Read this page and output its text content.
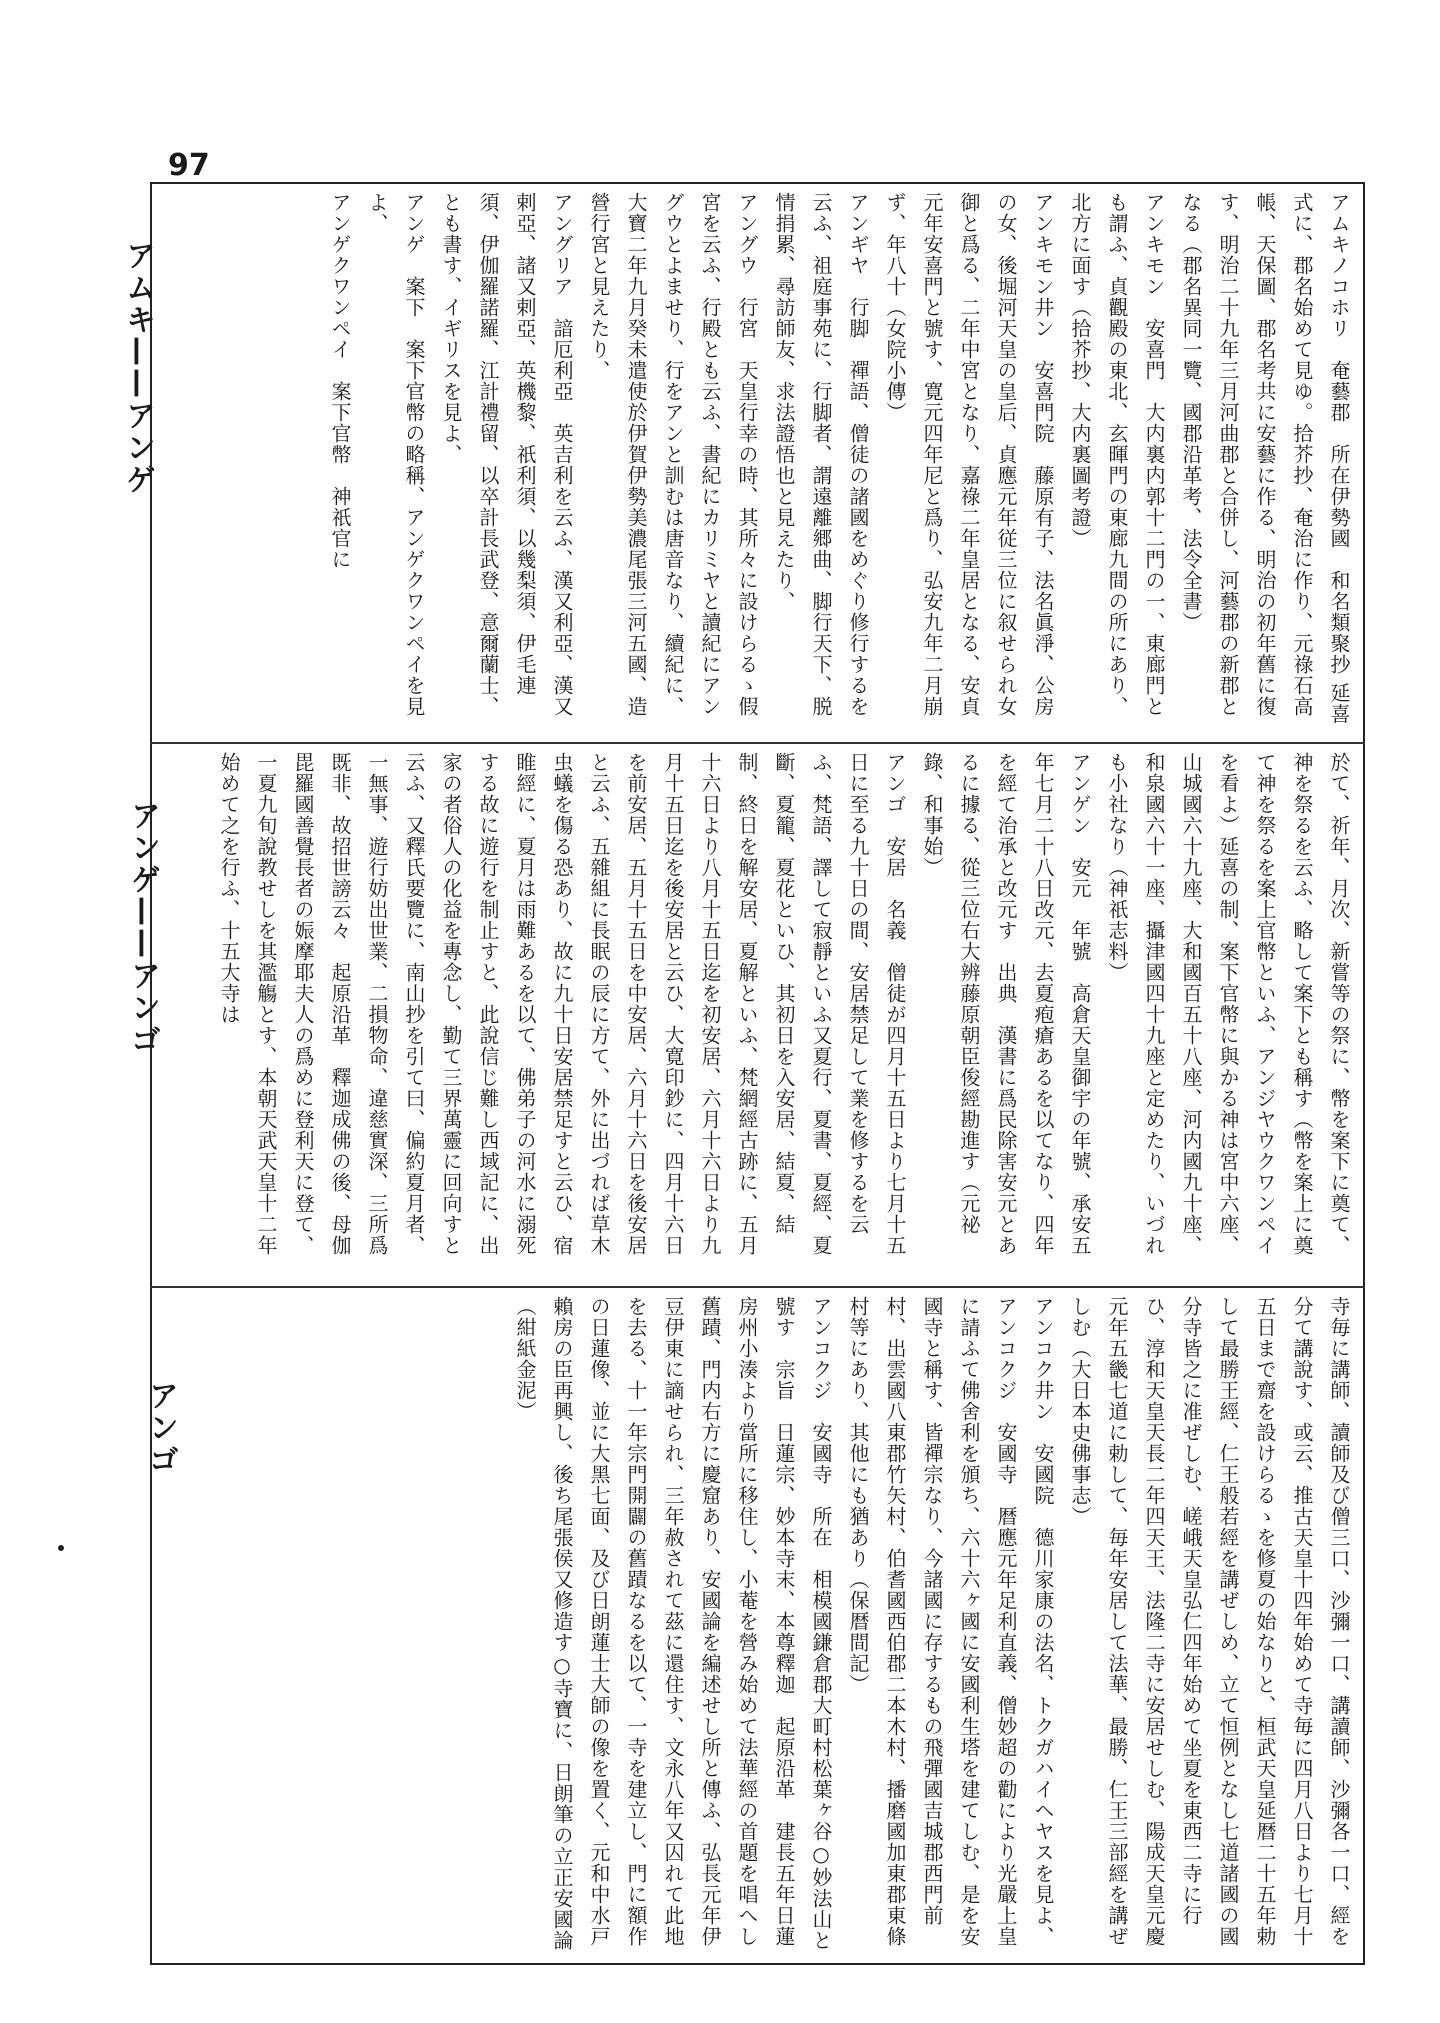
97
アムキ——アンゲ
アンゲ——アンゴ
アンゴ
アムキノコホリ　奄藝郡　所在伊勢國　和名類聚抄 延喜式に、郡名始めて見ゆ。拾芥抄、奄治に作り、元祿石高帳、天保圖、郡名考共に安藝に作る、明治の初年舊に復す、明治二十九年三月河曲郡と合併し、河藝郡の新郡となる（郡名異同一覽、國郡沿革考、法令全書）
アンキモン　安喜門　大内裏内郭十二門の一、東廊門とも謂ふ、貞觀殿の東北、玄暉門の東廊九間の所にあり、北方に面す（拾芥抄、大内裏圖考證）
アンキモン井ン　安喜門院　藤原有子、法名眞淨、公房の女、後堀河天皇の皇后、貞應元年従三位に叙せられ女御と爲る、二年中宮となり、嘉祿二年皇居となる、安貞元年安喜門と號す、寛元四年尼と爲り、弘安九年二月崩ず、年八十（女院小傳）
アンギヤ　行脚　禪語、僧徒の諸國をめぐり修行するを云ふ、祖庭事苑に、行脚者、謂遠離郷曲、脚行天下、脱情捐累、尋訪師友、求法證悟也と見えたり、
アングウ　行宮　天皇行幸の時、其所々に設けらるゝ假宮を云ふ、行殿とも云ふ、書紀にカリミヤと讀紀にアングウとよませり、行をアンと訓むは唐音なり、續紀に、大寶二年九月癸未遣使於伊賀伊勢美濃尾張三河五國、造營行宮と見えたり、
アングリア　諳厄利亞　英吉利を云ふ、漢又利亞、漢又剌亞、諸又剌亞、英機黎、祇利須、以幾梨須、伊毛連須、伊伽羅諾羅、江計禮留、以卒計長武登、意爾蘭士、とも書す、イギリスを見よ、
アンゲ　案下　案下官幣の略稱、アンゲクワンペイを見よ、
アンゲクワンペイ　案下官幣　神祇官に
於て、祈年、月次、新嘗等の祭に、幣を案下に奠て、神を祭るを云ふ、略して案下とも稱す（幣を案上に奠て神を祭るを案上官幣といふ、アンジヤウクワンペイを看よ）延喜の制、案下官幣に與かる神は宮中六座、山城國六十九座、大和國百五十八座、河内國九十座、和泉國六十一座、攝津國四十九座と定めたり、いづれも小社なり（神祇志料）
アンゲン　安元　年號　高倉天皇御宇の年號、承安五年七月二十八日改元、去夏疱瘡あるを以てなり、四年を經て治承と改元す　出典　漢書に爲民除害安元とあるに據る、從三位右大辨藤原朝臣俊經勘進す（元祕錄、和事始）
アンゴ　安居　名義　僧徒が四月十五日より七月十五日に至る九十日の間、安居禁足して業を修するを云ふ、梵語、譯して寂靜といふ又夏行、夏書、夏經、夏斷、夏籠、夏花といひ、其初日を入安居、結夏、結制、終日を解安居、夏解といふ、梵網經古跡に、五月十六日より八月十五日迄を初安居、六月十六日より九月十五日迄を後安居と云ひ、大寛印鈔に、四月十六日を前安居、五月十五日を中安居、六月十六日を後安居と云ふ、五雜組に長眠の辰に方て、外に出づれば草木虫蟻を傷る恐あり、故に九十日安居禁足すと云ひ、宿睢經に、夏月は雨難あるを以て、佛弟子の河水に溺死する故に遊行を制止すと、此說信じ難し西域記に、出家の者俗人の化益を專念し、勤て三界萬靈に回向すと云ふ、又釋氏要覽に、南山抄を引て曰、偏約夏月者、一無事、遊行妨出世業、二損物命、違慈實深、三所爲既非、故招世謗云々　起原沿革　釋迦成佛の後、母伽毘羅國善覺長者の娠摩耶夫人の爲めに登利天に登て、一夏九旬說教せしを其濫觴とす、本朝天武天皇十二年始めて之を行ふ、十五大寺は
寺毎に講師、讀師及び僧三口、沙彌一口、講讀師、沙彌各一口、經を分て講說す、或云、推古天皇十四年始めて寺毎に四月八日より七月十五日まで齋を設けらるゝを修夏の始なりと、桓武天皇延暦二十五年勅して最勝王經、仁王般若經を講ぜしめ、立て恒例となし七道諸國の國分寺皆之に准ぜしむ、嵯峨天皇弘仁四年始めて坐夏を東西二寺に行ひ、淳和天皇天長二年四天王、法隆二寺に安居せしむ、陽成天皇元慶元年五畿七道に勅して、毎年安居して法華、最勝、仁王三部經を講ぜしむ（大日本史佛事志）
アンコク井ン　安國院　德川家康の法名、トクガハイヘヤスを見よ、
アンコクジ　安國寺　暦應元年足利直義、僧妙超の勸により光嚴上皇に請ふて佛舍利を頒ち、六十六ヶ國に安國利生塔を建てしむ、是を安國寺と稱す、皆禪宗なり、今諸國に存するもの飛彈國吉城郡西門前村、出雲國八東郡竹矢村、伯耆國西伯郡二本木村、播磨國加東郡東條村等にあり、其他にも猶あり（保暦間記）
アンコクジ　安國寺　所在　相模國鎌倉郡大町村松葉ヶ谷○妙法山と號す　宗旨　日蓮宗、妙本寺末、本尊釋迦　起原沿革　建長五年日蓮房州小湊より當所に移住し、小菴を營み始めて法華經の首題を唱へし舊蹟、門内右方に慶窟あり、安國論を編述せし所と傳ふ、弘長元年伊豆伊東に謫せられ、三年赦されて茲に還住す、文永八年又囚れて此地を去る、十一年宗門開闢の舊蹟なるを以て、一寺を建立し、門に額作の日蓮像、並に大黑七面、及び日朗蓮士大師の像を置く、元和中水戸賴房の臣再興し、後ち尾張侯又修造す○寺寶に、日朗筆の立正安國論（紺紙金泥）
